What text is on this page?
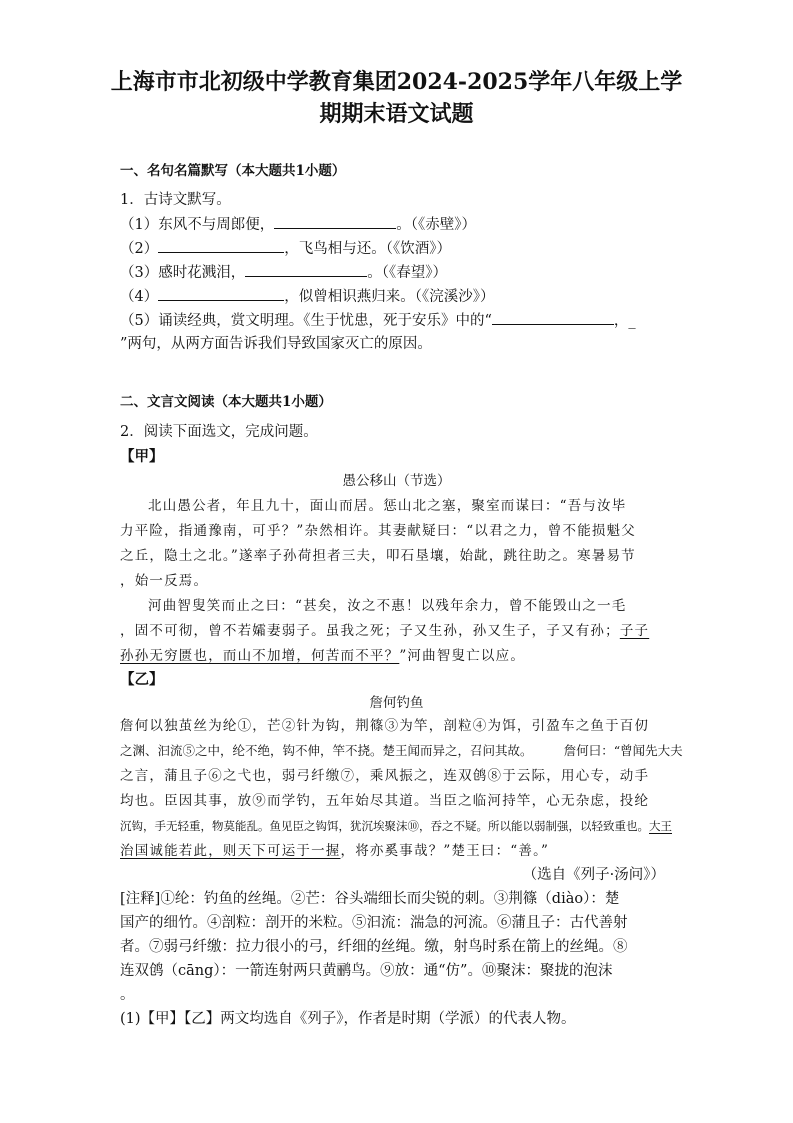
上海市市北初级中学教育集团2024-2025学年八年级上学
期期末语文试题
一、名句名篇默写（本大题共1小题）
1．古诗文默写。
（1）东风不与周郎便，	。（《赤壁》）
（2）	，飞鸟相与还。（《饮酒》）
（3）感时花溅泪，	。（《春望》）
（4）	，似曾相识燕归来。（《浣溪沙》）
（5）诵读经典，赏文明理。《生于忧患，死于安乐》中的“	，_
”两句，从两方面告诉我们导致国家灭亡的原因。
二、文言文阅读（本大题共1小题）
2．阅读下面选文，完成问题。
【甲】
愚公移山（节选）
北山愚公者，年且九十，面山而居。惩山北之塞，聚室而谋曰：“吾与汝毕
力平险，指通豫南，可乎？”杂然相许。其妻献疑曰：“以君之力，曾不能损魁父
之丘，隐土之北。”遂率子孙荷担者三夫，叩石垦壤，始龀，跳往助之。寒暑易节
，始一反焉。
河曲智叟笑而止之曰：“甚矣，汝之不惠！以残年余力，曾不能毁山之一毛
，固不可彻，曾不若孀妻弱子。虽我之死；子又生孙，孙又生子，子又有孙；子子
孙孙无穷匮也，而山不加增，何苦而不平？”河曲智叟亡以应。
【乙】
詹何钓鱼
詹何以独茧丝为纶①，芒②针为钩，荆篠③为竿，剖粒④为饵，引盈车之鱼于百仞
之渊、汩流⑤之中，纶不绝，钩不伸，竿不挠。楚王闻而异之，召问其故。　　　詹何曰：“曾闻先大夫
之言，蒲且子⑥之弋也，弱弓纤缴⑦，乘风振之，连双鸧⑧于云际，用心专，动手
均也。臣因其事，放⑨而学钓，五年始尽其道。当臣之临河持竿，心无杂虑，投纶
沉钩，手无轻重，物莫能乱。鱼见臣之钩饵，犹沉埃聚沫⑩，吞之不疑。所以能以弱制强，以轻致重也。大王
治国诚能若此，则天下可运于一握，将亦奚事哉？”楚王曰：“善。”
（选自《列子·汤问》）
[注释]①纶：钓鱼的丝绳。②芒：谷头端细长而尖锐的刺。③荆篠（diào）：楚
国产的细竹。④剖粒：剖开的米粒。⑤汩流：湍急的河流。⑥蒲且子：古代善射
者。⑦弱弓纤缴：拉力很小的弓，纤细的丝绳。缴，射鸟时系在箭上的丝绳。⑧
连双鸧（cāng）：一箭连射两只黄鹂鸟。⑨放：通“仿”。⑩聚沫：聚拢的泡沫
。
(1)【甲】【乙】两文均选自《列子》，作者是时期（学派）的代表人物。
